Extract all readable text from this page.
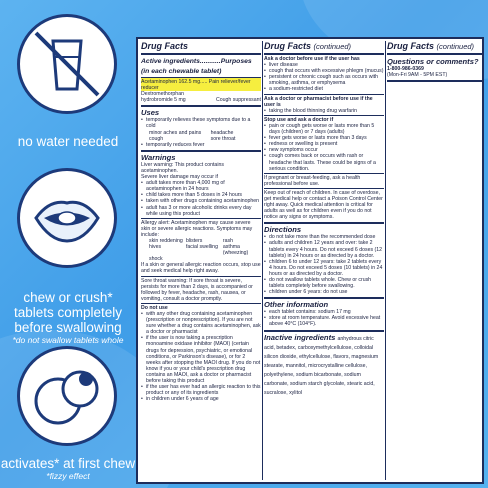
no water needed
chew or crush* tablets completely before swallowing
*do not swallow tablets whole
activates* at first chew
*fizzy effect
Drug Facts
Active ingredients...........Purposes
(in each chewable tablet)
Acetaminophen 162.5 mg..... Pain reliever/fever reducer
Dextromethorphan
hydrobromide 5 mg	Cough suppressant
Uses
• temporarily relieves these symptoms due to a cold
minor aches and pains	headache
cough	sore throat
• temporarily reduces fever
Warnings
Liver warning: This product contains acetaminophen.
Severe liver damage may occur if
• adult takes more than 4,000 mg of acetaminophen in 24 hours
• child takes more than 5 doses in 24 hours
• taken with other drugs containing acetaminophen
• adult has 3 or more alcoholic drinks every day while using this product
Allergy alert: Acetaminophen may cause severe skin or severe allergic reactions. Symptoms may include:
skin reddening blisters	rash
hives	facial swelling asthma (wheezing)
shock
If a skin or general allergic reaction occurs, stop use and seek medical help right away.
Sore throat warning: If sore throat is severe, persists for more than 2 days, is accompanied or followed by fever, headache, rash, nausea, or vomiting, consult a doctor promptly.
Do not use
• with any other drug containing acetaminophen (prescription or nonprescription). If you are not sure whether a drug contains acetaminophen, ask a doctor or pharmacist
• if the user is now taking a prescription monoamine oxidase inhibitor (MAOI) (certain drugs for depression, psychiatric, or emotional conditions, or Parkinson's disease), or for 2 weeks after stopping the MAOI drug. If you do not know if you or your child's prescription drug contains an MAOI, ask a doctor or pharmacist before taking this product
• if the user has ever had an allergic reaction to this product or any of its ingredients
• in children under 6 years of age
Drug Facts (continued)
Ask a doctor before use if the user has
• liver disease
• cough that occurs with excessive phlegm (mucus)
• persistent or chronic cough such as occurs with smoking, asthma, or emphysema
• a sodium-restricted diet
Ask a doctor or pharmacist before use if the user is
• taking the blood thinning drug warfarin
Stop use and ask a doctor if
• pain or cough gets worse or lasts more than 5 days (children) or 7 days (adults)
• fever gets worse or lasts more than 3 days
• redness or swelling is present
• new symptoms occur
• cough comes back or occurs with rash or headache that lasts. These could be signs of a serious condition.
If pregnant or breast-feeding, ask a health professional before use.
Keep out of reach of children. In case of overdose, get medical help or contact a Poison Control Center right away. Quick medical attention is critical for adults as well as for children even if you do not notice any signs or symptoms.
Directions
• do not take more than the recommended dose
• adults and children 12 years and over: take 2 tablets every 4 hours. Do not exceed 6 doses (12 tablets) in 24 hours or as directed by a doctor.
• children 6 to under 12 years: take 2 tablets every 4 hours. Do not exceed 5 doses (10 tablets) in 24 hours or as directed by a doctor.
• do not swallow tablets whole. Chew or crush tablets completely before swallowing.
• children under 6 years: do not use
Other information
• each tablet contains: sodium 17 mg
• store at room temperature. Avoid excessive heat above 40°C (104°F).
Inactive ingredients anhydrous citric acid, betadex, carboxymethylcellulose, colloidal silicon dioxide, ethylcellulose, flavors, magnesium stearate, mannitol, microcrystalline cellulose, polyethylene, sodium bicarbonate, sodium carbonate, sodium starch glycolate, stearic acid, sucralose, xylitol
Drug Facts (continued)
Questions or comments?
1-800-986-0369
(Mon-Fri 9AM - 5PM EST)
